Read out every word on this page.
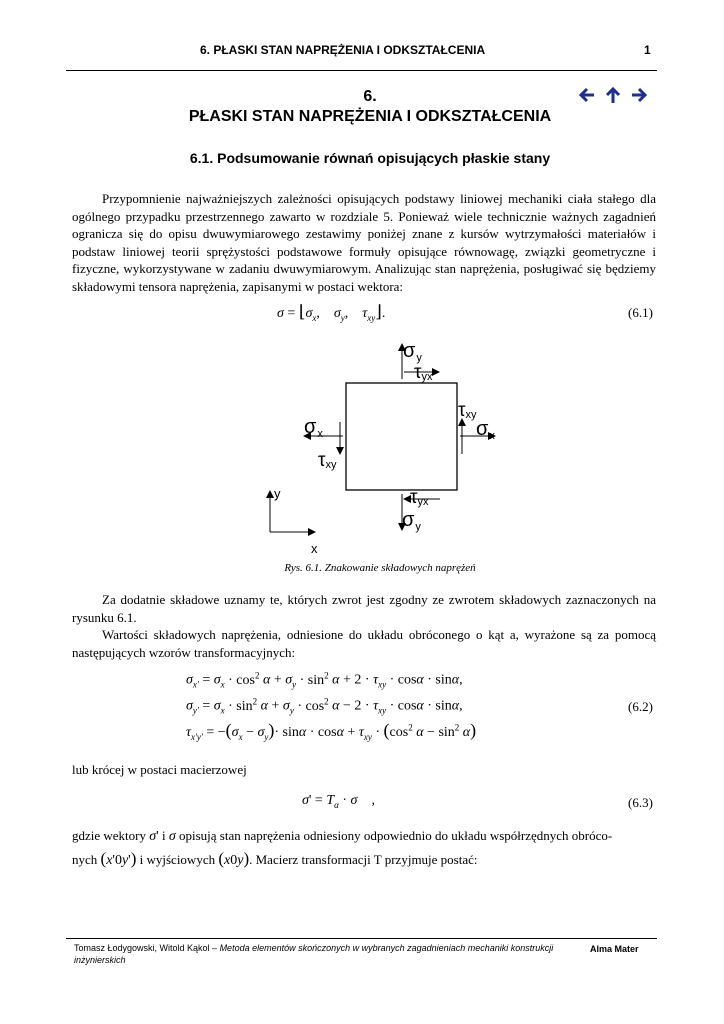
6. PŁASKI STAN NAPRĘŻENIA I ODKSZTAŁCENIA	1
6.
PŁASKI STAN NAPRĘŻENIA I ODKSZTAŁCENIA
6.1. Podsumowanie równań opisujących płaskie stany

Przypomnienie najważniejszych zależności opisujących podstawy liniowej mechaniki ciała stałego dla ogólnego przypadku przestrzennego zawarto w rozdziale 5. Ponieważ wiele technicznie ważnych zagadnień ogranicza się do opisu dwuwymiarowego zestawimy poniżej znane z kursów wytrzymałości materiałów i podstaw liniowej teorii sprężystości podstawowe formuły opisujące równowagę, związki geometryczne i fizyczne, wykorzystywane w zadaniu dwuwymiarowym. Analizując stan naprężenia, posługiwać się będziemy składowymi tensora naprężenia, zapisanymi w postaci wektora:

$\sigma = ⌊\sigma_x$,    $\sigma_y$,    $\tau_{xy}⌋$.	(6.1)
$\sigma_y$
τyx
$\sigma_x$
τxy
τxy
$\sigma_x$
τyx
$\sigma_y$
y
x
Rys. 6.1. Znakowanie składowych naprężeń

Za dodatnie składowe uznamy te, których zwrot jest zgodny ze zwrotem składowych zaznaczonych na rysunku 6.1.

Wartości składowych naprężenia, odniesione do układu obróconego o kąt a, wyrażone są za pomocą następujących wzorów transformacyjnych:

$\sigma_{x'} = \sigma_x \cdot \cos^2 \alpha + \sigma_y \cdot \sin^2 \alpha + 2 \cdot \tau_{xy} \cdot \cos\alpha \cdot \sin\alpha$,
$\sigma_{y'} = \sigma_x \cdot \sin^2 \alpha + \sigma_y \cdot \cos^2 \alpha - 2 \cdot \tau_{xy} \cdot \cos\alpha \cdot \sin\alpha$,
$\tau_{x'y'} = -(\sigma_x - \sigma_y)\cdot \sin\alpha \cdot \cos\alpha + \tau_{xy} \cdot (\cos^2$ $\alpha - \sin^2 \alpha$)
(6.2)

lub krócej w postaci macierzowej

$\sigma' = T_\alpha \cdot \sigma$    ,	(6.3)
gdzie wektory σ' i σ opisują stan naprężenia odniesiony odpowiednio do układu współrzędnych obróco-
nych (x'0y') i wyjściowych (x0y). Macierz transformacji T przyjmuje postać:
Tomasz Łodygowski, Witold Kąkol – Metoda elementów skończonych w wybranych zagadnieniach mechaniki konstrukcji inżynierskich
Alma Mater
